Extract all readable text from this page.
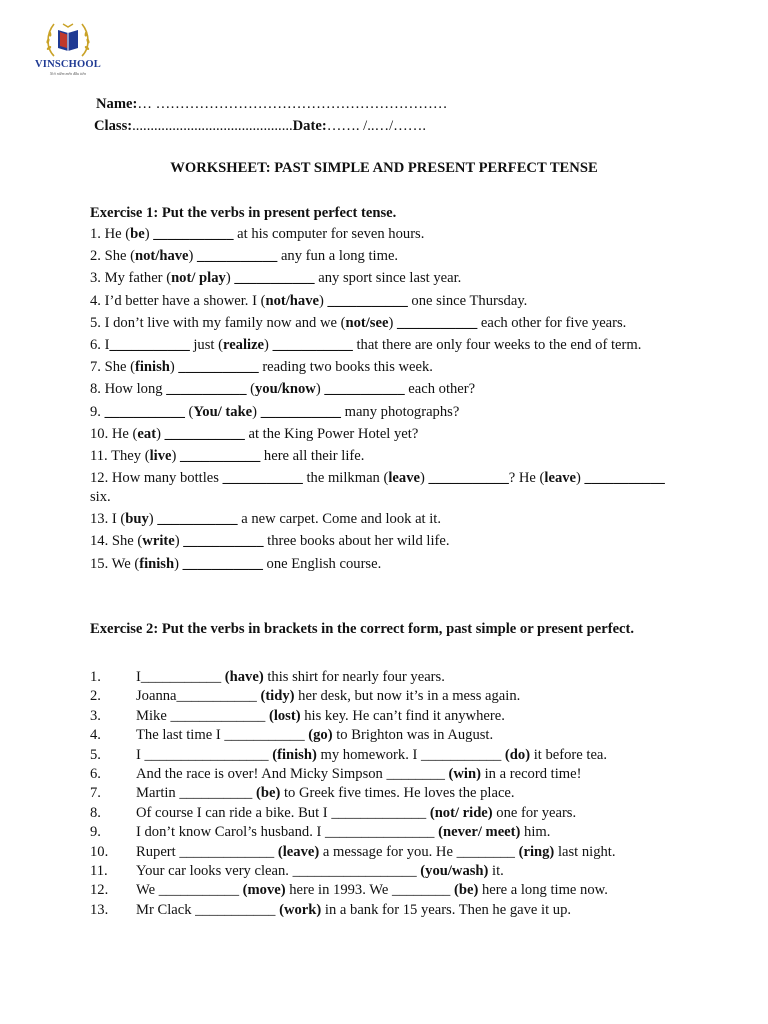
VINSCHOOL
Nơi niềm mến đầu tiên
Name:… ……………………………………………………
Class:............................................Date:……. /..…/…….
WORKSHEET: PAST SIMPLE AND PRESENT PERFECT TENSE

Exercise 1: Put the verbs in present perfect tense.

1. He (be) ___________ at his computer for seven hours.

2. She (not/have) ___________ any fun a long time.

3. My father (not/ play) ___________ any sport since last year.

4. I’d better have a shower. I (not/have) ___________ one since Thursday.

5. I don’t live with my family now and we (not/see) ___________ each other for five years.

6. I___________ just (realize) ___________ that there are only four weeks to the end of term.

7. She (finish) ___________ reading two books this week.

8. How long ___________ (you/know) ___________ each other?

9. ___________ (You/ take) ___________ many photographs?

10. He (eat) ___________ at the King Power Hotel yet?

11. They (live) ___________ here all their life.

12. How many bottles ___________ the milkman (leave) ___________? He (leave) ___________ six.

13. I (buy) ___________ a new carpet. Come and look at it.

14. She (write) ___________ three books about her wild life.

15. We (finish) ___________ one English course.

Exercise 2: Put the verbs in brackets in the correct form, past simple or present perfect.
1.	I___________ (have) this shirt for nearly four years.
2.	Joanna___________ (tidy) her desk, but now it’s in a mess again.
3.	Mike _____________ (lost) his key. He can’t find it anywhere.
4.	The last time I ___________ (go) to Brighton was in August.
5.	I _________________ (finish) my homework. I ___________ (do) it before tea.
6.	And the race is over! And Micky Simpson ________ (win) in a record time!
7.	Martin __________ (be) to Greek five times. He loves the place.
8.	Of course I can ride a bike. But I _____________ (not/ ride) one for years.
9.	I don’t know Carol’s husband. I _______________ (never/ meet) him.
10.	Rupert _____________ (leave) a message for you. He ________ (ring) last night.
11.	Your car looks very clean. _________________ (you/wash) it.
12.	We ___________ (move) here in 1993. We ________ (be) here a long time now.
13.	Mr Clack ___________ (work) in a bank for 15 years. Then he gave it up.
